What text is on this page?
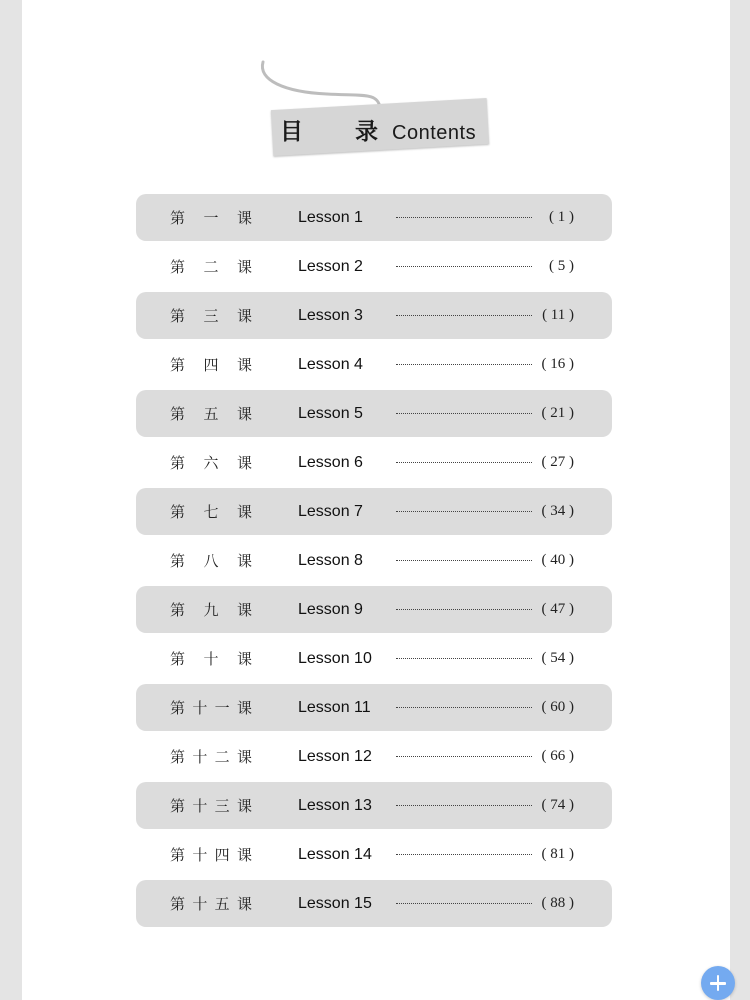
目 录
Contents
第 一 课	Lesson 1	( 1 )
第 二 课	Lesson 2	( 5 )
第 三 课	Lesson 3	( 11 )
第 四 课	Lesson 4	( 16 )
第 五 课	Lesson 5	( 21 )
第 六 课	Lesson 6	( 27 )
第 七 课	Lesson 7	( 34 )
第 八 课	Lesson 8	( 40 )
第 九 课	Lesson 9	( 47 )
第 十 课	Lesson 10	( 54 )
第 十 一 课	Lesson 11	( 60 )
第 十 二 课	Lesson 12	( 66 )
第 十 三 课	Lesson 13	( 74 )
第 十 四 课	Lesson 14	( 81 )
第 十 五 课	Lesson 15	( 88 )
